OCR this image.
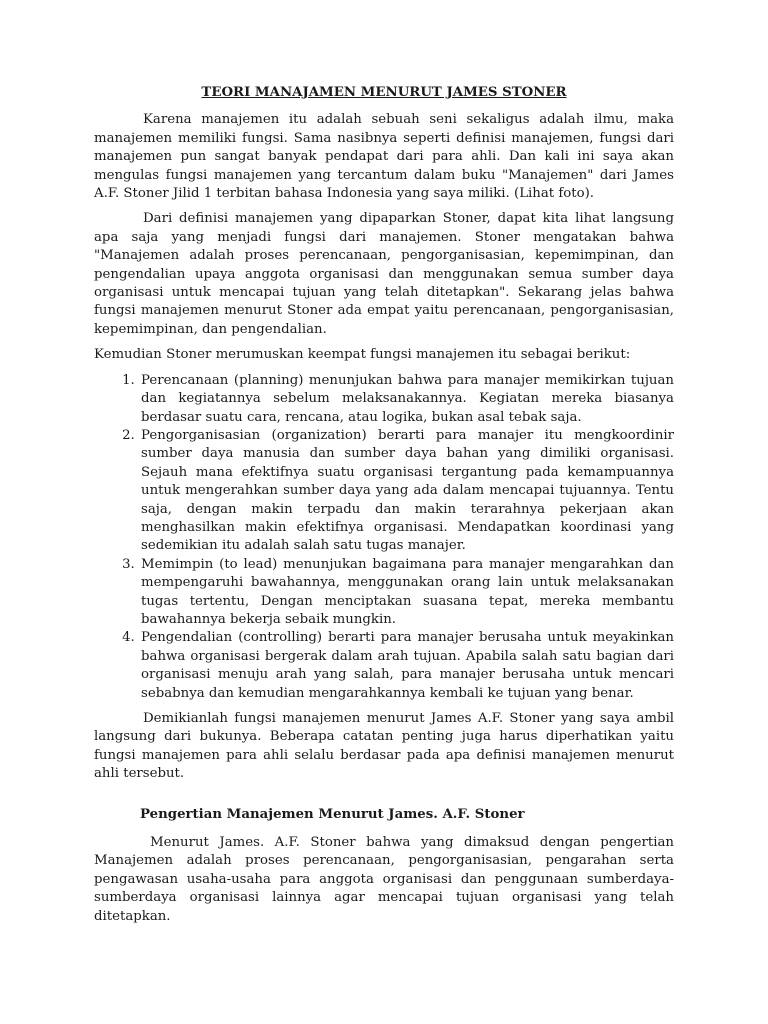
TEORI MANAJAMEN MENURUT JAMES STONER

Karena manajemen itu adalah sebuah seni sekaligus adalah ilmu, maka manajemen memiliki fungsi. Sama nasibnya seperti definisi manajemen, fungsi dari manajemen pun sangat banyak pendapat dari para ahli. Dan kali ini saya akan mengulas fungsi manajemen yang tercantum dalam buku "Manajemen" dari James A.F. Stoner Jilid 1 terbitan bahasa Indonesia yang saya miliki. (Lihat foto).

Dari definisi manajemen yang dipaparkan Stoner, dapat kita lihat langsung apa saja yang menjadi fungsi dari manajemen. Stoner mengatakan bahwa "Manajemen adalah proses perencanaan, pengorganisasian, kepemimpinan, dan pengendalian upaya anggota organisasi dan menggunakan semua sumber daya organisasi untuk mencapai tujuan yang telah ditetapkan". Sekarang jelas bahwa fungsi manajemen menurut Stoner ada empat yaitu perencanaan, pengorganisasian, kepemimpinan, dan pengendalian.

Kemudian Stoner merumuskan keempat fungsi manajemen itu sebagai berikut:

1. Perencanaan (planning) menunjukan bahwa para manajer memikirkan tujuan dan kegiatannya sebelum melaksanakannya. Kegiatan mereka biasanya berdasar suatu cara, rencana, atau logika, bukan asal tebak saja.
2. Pengorganisasian (organization) berarti para manajer itu mengkoordinir sumber daya manusia dan sumber daya bahan yang dimiliki organisasi. Sejauh mana efektifnya suatu organisasi tergantung pada kemampuannya untuk mengerahkan sumber daya yang ada dalam mencapai tujuannya. Tentu saja, dengan makin terpadu dan makin terarahnya pekerjaan akan menghasilkan makin efektifnya organisasi. Mendapatkan koordinasi yang sedemikian itu adalah salah satu tugas manajer.
3. Memimpin (to lead) menunjukan bagaimana para manajer mengarahkan dan mempengaruhi bawahannya, menggunakan orang lain untuk melaksanakan tugas tertentu, Dengan menciptakan suasana tepat, mereka membantu bawahannya bekerja sebaik mungkin.
4. Pengendalian (controlling) berarti para manajer berusaha untuk meyakinkan bahwa organisasi bergerak dalam arah tujuan. Apabila salah satu bagian dari organisasi menuju arah yang salah, para manajer berusaha untuk mencari sebabnya dan kemudian mengarahkannya kembali ke tujuan yang benar.

Demikianlah fungsi manajemen menurut James A.F. Stoner yang saya ambil langsung dari bukunya. Beberapa catatan penting juga harus diperhatikan yaitu fungsi manajemen para ahli selalu berdasar pada apa definisi manajemen menurut ahli tersebut.

Pengertian Manajemen Menurut James. A.F. Stoner

Menurut James. A.F. Stoner bahwa yang dimaksud dengan pengertian Manajemen adalah proses perencanaan, pengorganisasian, pengarahan serta pengawasan usaha-usaha para anggota organisasi dan penggunaan sumberdaya-sumberdaya organisasi lainnya agar mencapai tujuan organisasi yang telah ditetapkan.
